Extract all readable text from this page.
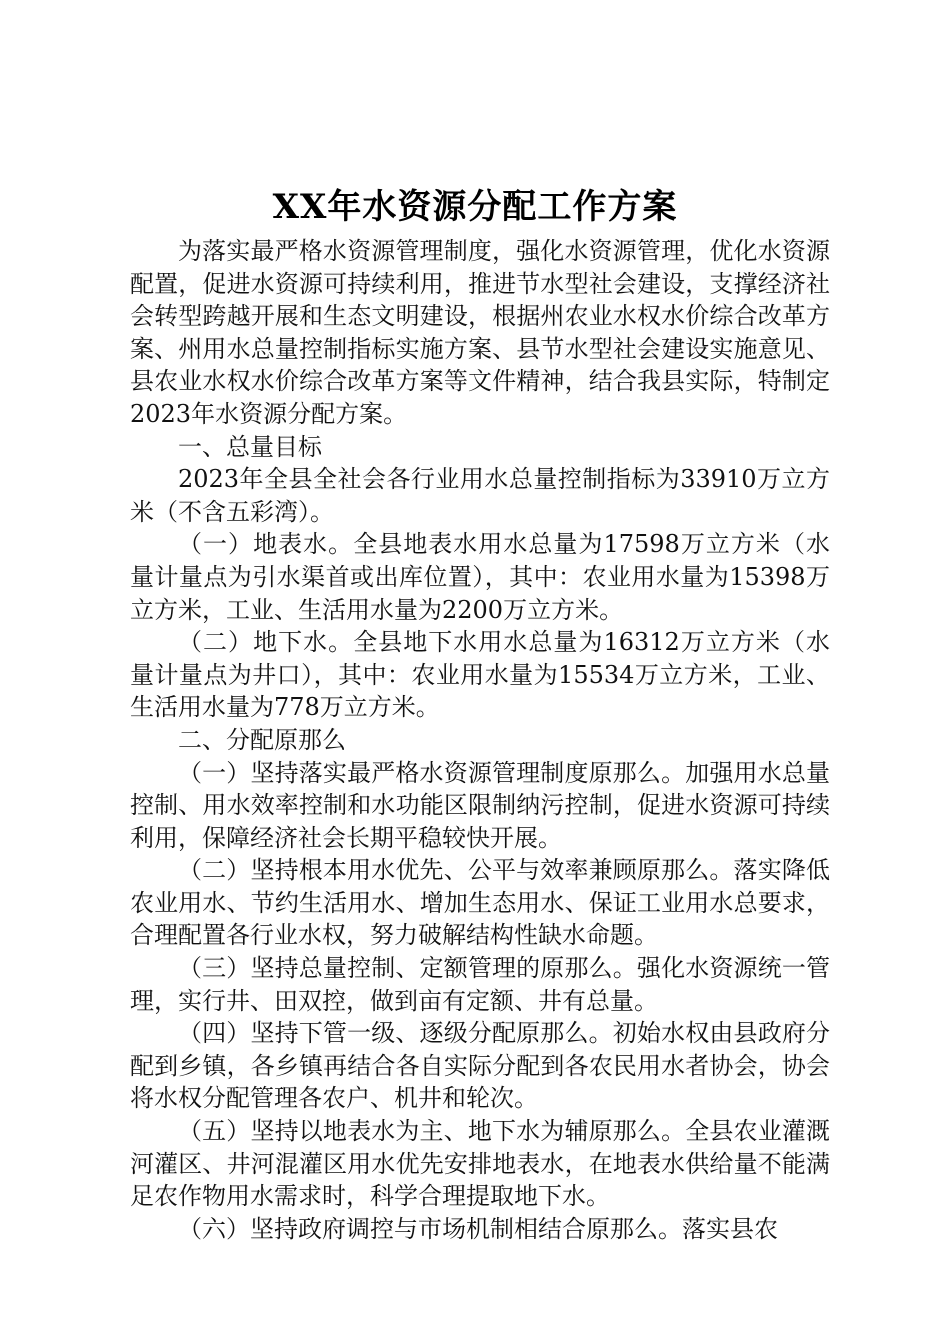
XX年水资源分配工作方案

为落实最严格水资源管理制度，强化水资源管理，优化水资源配置，促进水资源可持续利用，推进节水型社会建设，支撑经济社会转型跨越开展和生态文明建设，根据州农业水权水价综合改革方案、州用水总量控制指标实施方案、县节水型社会建设实施意见、县农业水权水价综合改革方案等文件精神，结合我县实际，特制定2023年水资源分配方案。

一、总量目标

2023年全县全社会各行业用水总量控制指标为33910万立方米（不含五彩湾）。

（一）地表水。全县地表水用水总量为17598万立方米（水量计量点为引水渠首或出库位置），其中：农业用水量为15398万立方米，工业、生活用水量为2200万立方米。

（二）地下水。全县地下水用水总量为16312万立方米（水量计量点为井口），其中：农业用水量为15534万立方米，工业、生活用水量为778万立方米。

二、分配原那么

（一）坚持落实最严格水资源管理制度原那么。加强用水总量控制、用水效率控制和水功能区限制纳污控制，促进水资源可持续利用，保障经济社会长期平稳较快开展。

（二）坚持根本用水优先、公平与效率兼顾原那么。落实降低农业用水、节约生活用水、增加生态用水、保证工业用水总要求，合理配置各行业水权，努力破解结构性缺水命题。

（三）坚持总量控制、定额管理的原那么。强化水资源统一管理，实行井、田双控，做到亩有定额、井有总量。

（四）坚持下管一级、逐级分配原那么。初始水权由县政府分配到乡镇，各乡镇再结合各自实际分配到各农民用水者协会，协会将水权分配管理各农户、机井和轮次。

（五）坚持以地表水为主、地下水为辅原那么。全县农业灌溉河灌区、井河混灌区用水优先安排地表水，在地表水供给量不能满足农作物用水需求时，科学合理提取地下水。

（六）坚持政府调控与市场机制相结合原那么。落实县农
